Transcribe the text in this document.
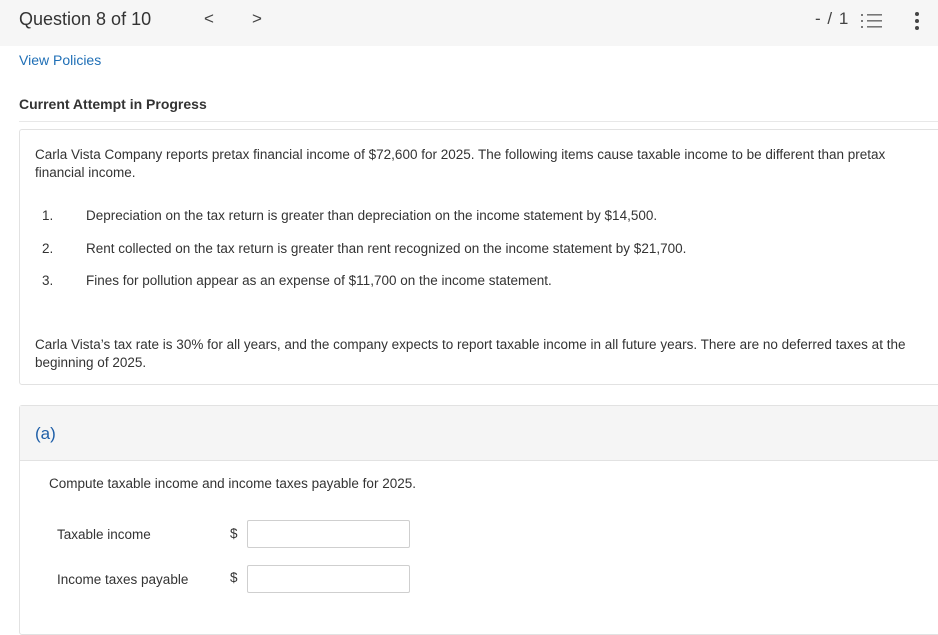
Question 8 of 10	< >	- / 1
View Policies
Current Attempt in Progress

Carla Vista Company reports pretax financial income of $72,600 for 2025. The following items cause taxable income to be different than pretax financial income.

1. Depreciation on the tax return is greater than depreciation on the income statement by $14,500.
2. Rent collected on the tax return is greater than rent recognized on the income statement by $21,700.
3. Fines for pollution appear as an expense of $11,700 on the income statement.

Carla Vista’s tax rate is 30% for all years, and the company expects to report taxable income in all future years. There are no deferred taxes at the beginning of 2025.

(a)
Compute taxable income and income taxes payable for 2025.
Taxable income	$
Income taxes payable	$
